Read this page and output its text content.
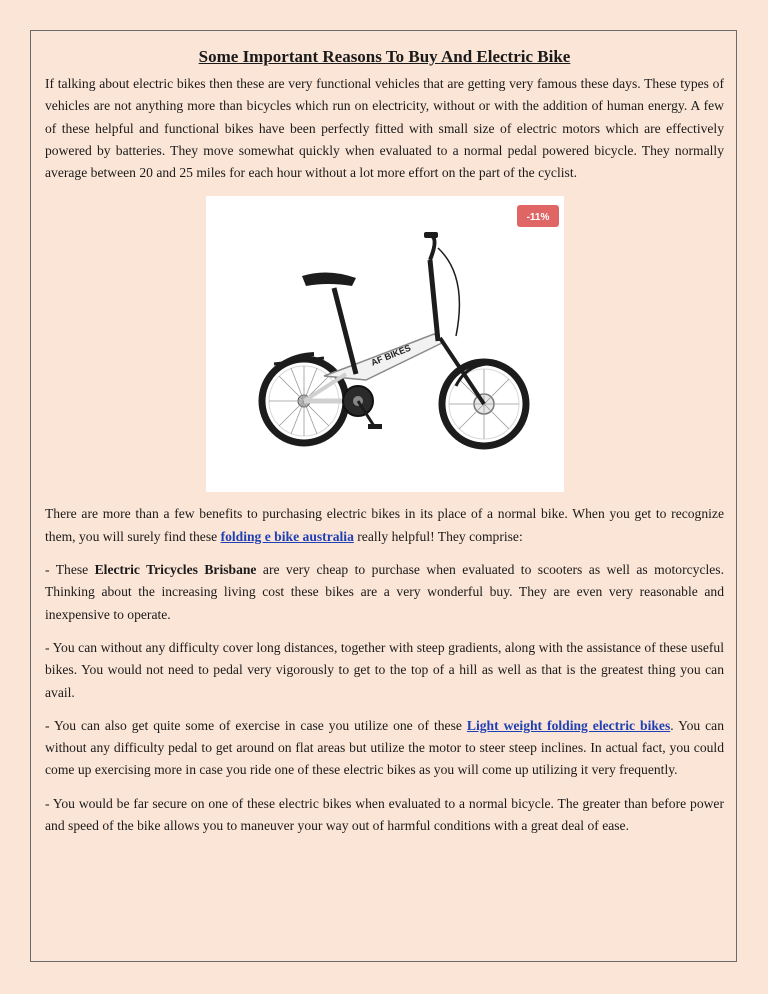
Some Important Reasons To Buy And Electric Bike

If talking about electric bikes then these are very functional vehicles that are getting very famous these days. These types of vehicles are not anything more than bicycles which run on electricity, without or with the addition of human energy. A few of these helpful and functional bikes have been perfectly fitted with small size of electric motors which are effectively powered by batteries. They move somewhat quickly when evaluated to a normal pedal powered bicycle. They normally average between 20 and 25 miles for each hour without a lot more effort on the part of the cyclist.

-11%
AF BIKES

There are more than a few benefits to purchasing electric bikes in its place of a normal bike. When you get to recognize them, you will surely find these folding e bike australia really helpful! They comprise:

- These Electric Tricycles Brisbane are very cheap to purchase when evaluated to scooters as well as motorcycles. Thinking about the increasing living cost these bikes are a very wonderful buy. They are even very reasonable and inexpensive to operate.

- You can without any difficulty cover long distances, together with steep gradients, along with the assistance of these useful bikes. You would not need to pedal very vigorously to get to the top of a hill as well as that is the greatest thing you can avail.

- You can also get quite some of exercise in case you utilize one of these Light weight folding electric bikes. You can without any difficulty pedal to get around on flat areas but utilize the motor to steer steep inclines. In actual fact, you could come up exercising more in case you ride one of these electric bikes as you will come up utilizing it very frequently.

- You would be far secure on one of these electric bikes when evaluated to a normal bicycle. The greater than before power and speed of the bike allows you to maneuver your way out of harmful conditions with a great deal of ease.
